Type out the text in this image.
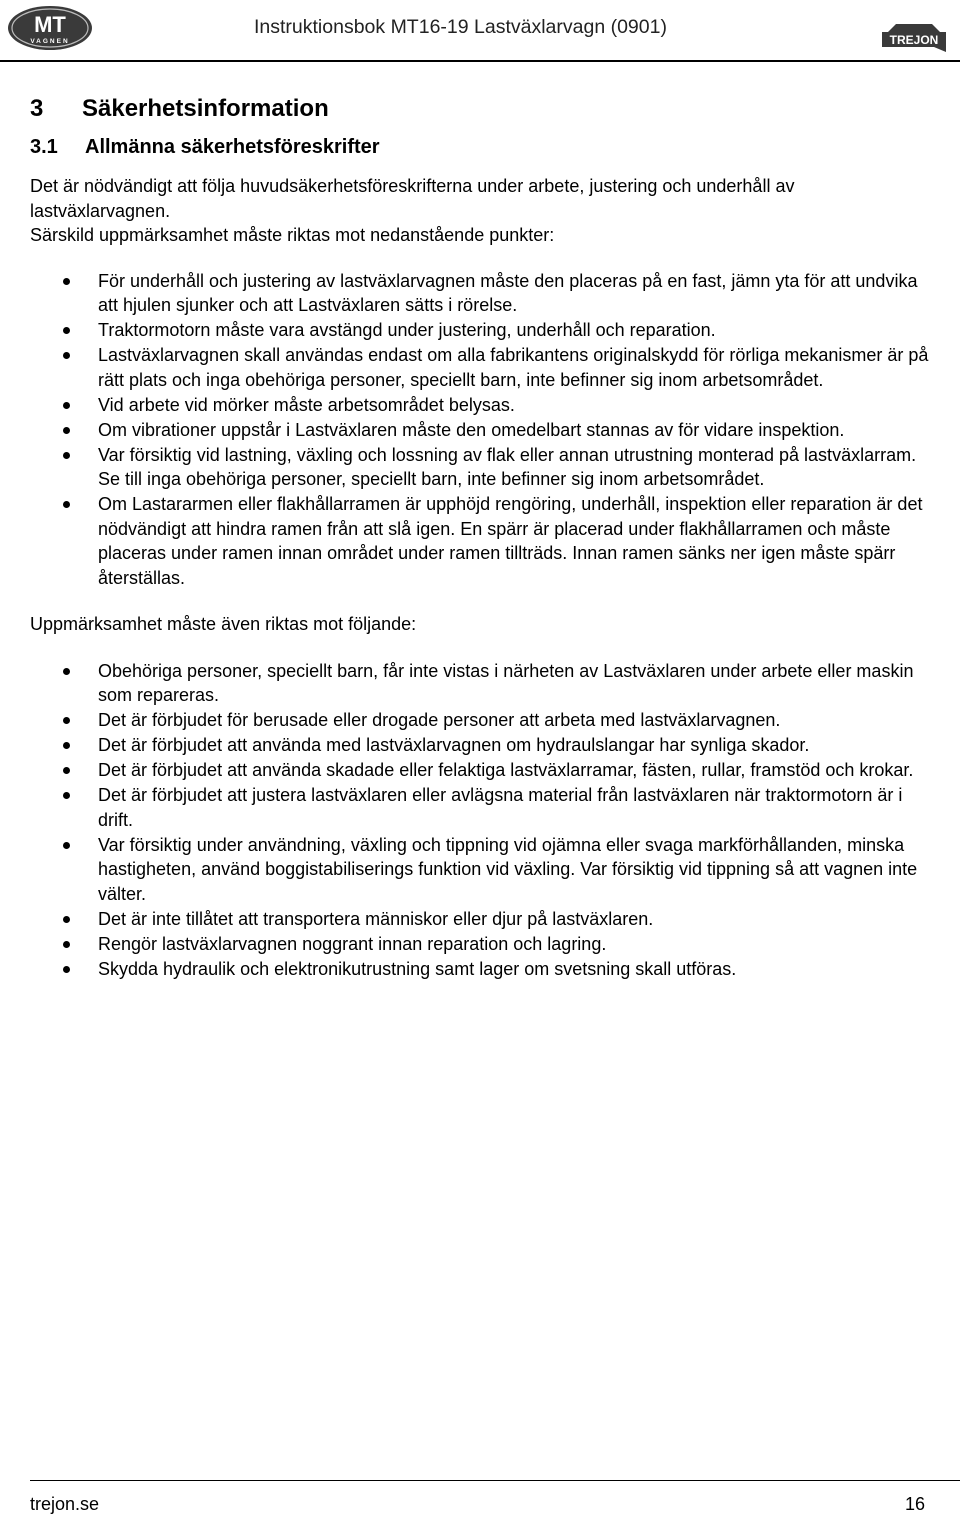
MT
VAGNEN
Instruktionsbok MT16-19 Lastväxlarvagn (0901)
TREJON
3 Säkerhetsinformation
3.1 Allmänna säkerhetsföreskrifter

Det är nödvändigt att följa huvudsäkerhetsföreskrifterna under arbete, justering och underhåll av lastväxlarvagnen.

Särskild uppmärksamhet måste riktas mot nedanstående punkter:

För underhåll och justering av lastväxlarvagnen måste den placeras på en fast, jämn yta för att undvika att hjulen sjunker och att Lastväxlaren sätts i rörelse.
Traktormotorn måste vara avstängd under justering, underhåll och reparation.
Lastväxlarvagnen skall användas endast om alla fabrikantens originalskydd för rörliga mekanismer är på rätt plats och inga obehöriga personer, speciellt barn, inte befinner sig inom arbetsområdet.
Vid arbete vid mörker måste arbetsområdet belysas.
Om vibrationer uppstår i Lastväxlaren måste den omedelbart stannas av för vidare inspektion.
Var försiktig vid lastning, växling och lossning av flak eller annan utrustning monterad på lastväxlarram. Se till inga obehöriga personer, speciellt barn, inte befinner sig inom arbetsområdet.
Om Lastararmen eller flakhållarramen är upphöjd rengöring, underhåll, inspektion eller reparation är det nödvändigt att hindra ramen från att slå igen. En spärr är placerad under flakhållarramen och måste placeras under ramen innan området under ramen tillträds. Innan ramen sänks ner igen måste spärr återställas.

Uppmärksamhet måste även riktas mot följande:

Obehöriga personer, speciellt barn, får inte vistas i närheten av Lastväxlaren under arbete eller maskin som repareras.
Det är förbjudet för berusade eller drogade personer att arbeta med lastväxlarvagnen.
Det är förbjudet att använda med lastväxlarvagnen om hydraulslangar har synliga skador.
Det är förbjudet att använda skadade eller felaktiga lastväxlarramar, fästen, rullar, framstöd och krokar.
Det är förbjudet att justera lastväxlaren eller avlägsna material från lastväxlaren när traktormotorn är i drift.
Var försiktig under användning, växling och tippning vid ojämna eller svaga markförhållanden, minska hastigheten, använd boggistabiliserings funktion vid växling. Var försiktig vid tippning så att vagnen inte välter.
Det är inte tillåtet att transportera människor eller djur på lastväxlaren.
Rengör lastväxlarvagnen noggrant innan reparation och lagring.
Skydda hydraulik och elektronikutrustning samt lager om svetsning skall utföras.
trejon.se	16
